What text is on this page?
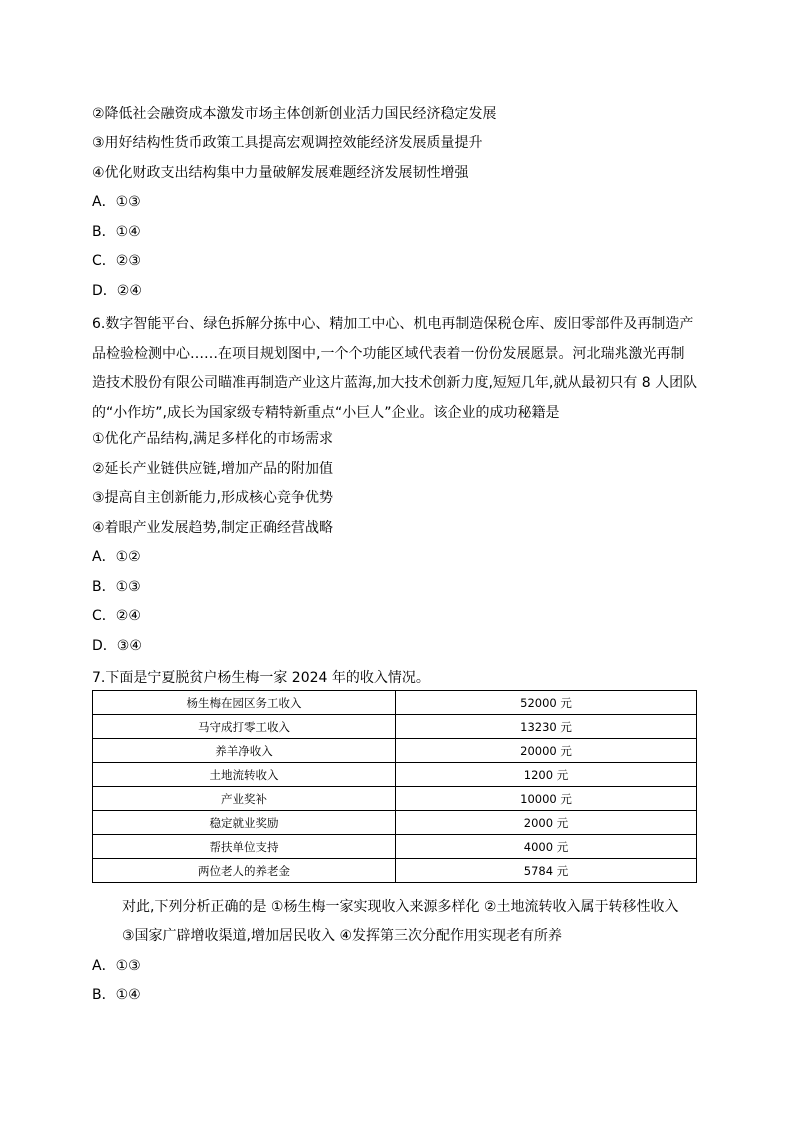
②降低社会融资成本激发市场主体创新创业活力国民经济稳定发展
③用好结构性货币政策工具提高宏观调控效能经济发展质量提升
④优化财政支出结构集中力量破解发展难题经济发展韧性增强
A．①③
B．①④
C．②③
D．②④
6.数字智能平台、绿色拆解分拣中心、精加工中心、机电再制造保税仓库、废旧零部件及再制造产品检验检测中心……在项目规划图中,一个个功能区域代表着一份份发展愿景。河北瑞兆激光再制造技术股份有限公司瞄准再制造产业这片蓝海,加大技术创新力度,短短几年,就从最初只有 8 人团队的“小作坊”,成长为国家级专精特新重点“小巨人”企业。该企业的成功秘籍是
①优化产品结构,满足多样化的市场需求
②延长产业链供应链,增加产品的附加值
③提高自主创新能力,形成核心竞争优势
④着眼产业发展趋势,制定正确经营战略
A．①②
B．①③
C．②④
D．③④
7.下面是宁夏脱贫户杨生梅一家 2024 年的收入情况。
杨生梅在园区务工收入	52000 元
马守成打零工收入	13230 元
养羊净收入	20000 元
土地流转收入	1200 元
产业奖补	10000 元
稳定就业奖励	2000 元
帮扶单位支持	4000 元
两位老人的养老金	5784 元
对此,下列分析正确的是 ①杨生梅一家实现收入来源多样化 ②土地流转收入属于转移性收入
③国家广辟增收渠道,增加居民收入 ④发挥第三次分配作用实现老有所养
A．①③
B．①④
